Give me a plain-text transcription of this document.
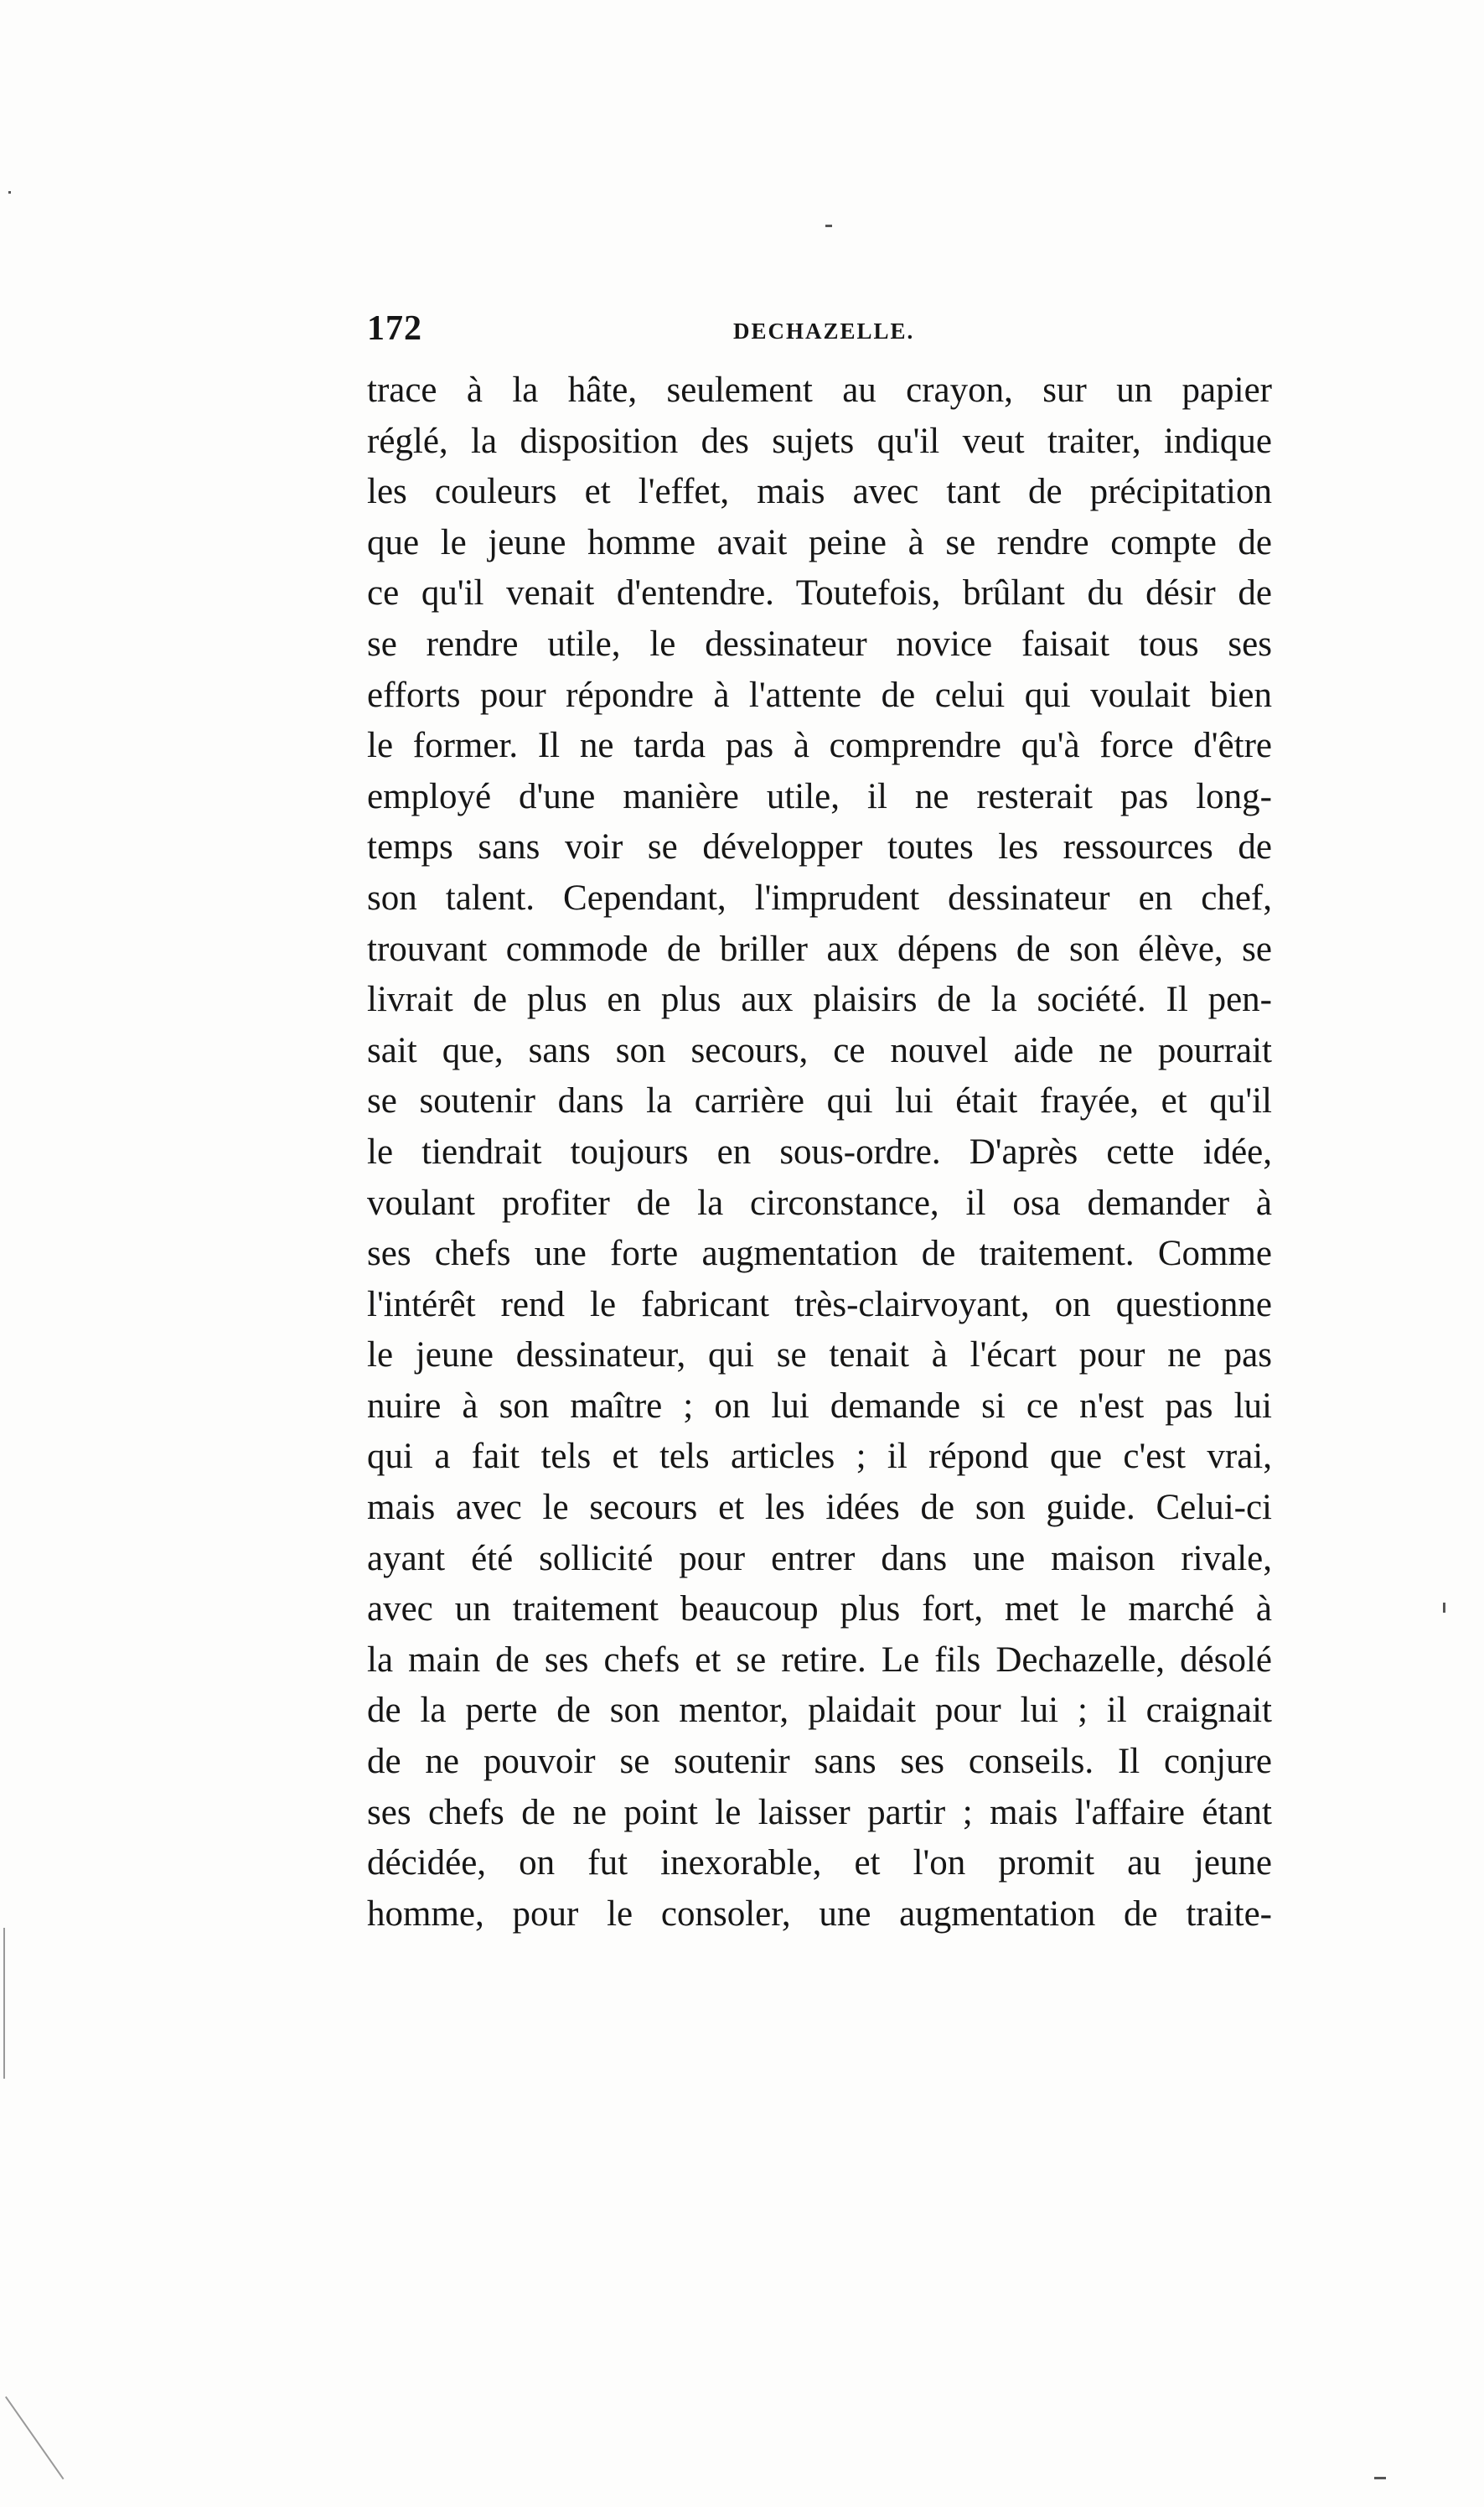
172	DECHAZELLE.
trace à la hâte, seulement au crayon, sur un papier
réglé, la disposition des sujets qu'il veut traiter, indique
les couleurs et l'effet, mais avec tant de précipitation
que le jeune homme avait peine à se rendre compte de
ce qu'il venait d'entendre. Toutefois, brûlant du désir de
se rendre utile, le dessinateur novice faisait tous ses
efforts pour répondre à l'attente de celui qui voulait bien
le former. Il ne tarda pas à comprendre qu'à force d'être
employé d'une manière utile, il ne resterait pas long-
temps sans voir se développer toutes les ressources de
son talent. Cependant, l'imprudent dessinateur en chef,
trouvant commode de briller aux dépens de son élève, se
livrait de plus en plus aux plaisirs de la société. Il pen-
sait que, sans son secours, ce nouvel aide ne pourrait
se soutenir dans la carrière qui lui était frayée, et qu'il
le tiendrait toujours en sous-ordre. D'après cette idée,
voulant profiter de la circonstance, il osa demander à
ses chefs une forte augmentation de traitement. Comme
l'intérêt rend le fabricant très-clairvoyant, on questionne
le jeune dessinateur, qui se tenait à l'écart pour ne pas
nuire à son maître ; on lui demande si ce n'est pas lui
qui a fait tels et tels articles ; il répond que c'est vrai,
mais avec le secours et les idées de son guide. Celui-ci
ayant été sollicité pour entrer dans une maison rivale,
avec un traitement beaucoup plus fort, met le marché à
la main de ses chefs et se retire. Le fils Dechazelle, désolé
de la perte de son mentor, plaidait pour lui ; il craignait
de ne pouvoir se soutenir sans ses conseils. Il conjure
ses chefs de ne point le laisser partir ; mais l'affaire étant
décidée, on fut inexorable, et l'on promit au jeune
homme, pour le consoler, une augmentation de traite-
